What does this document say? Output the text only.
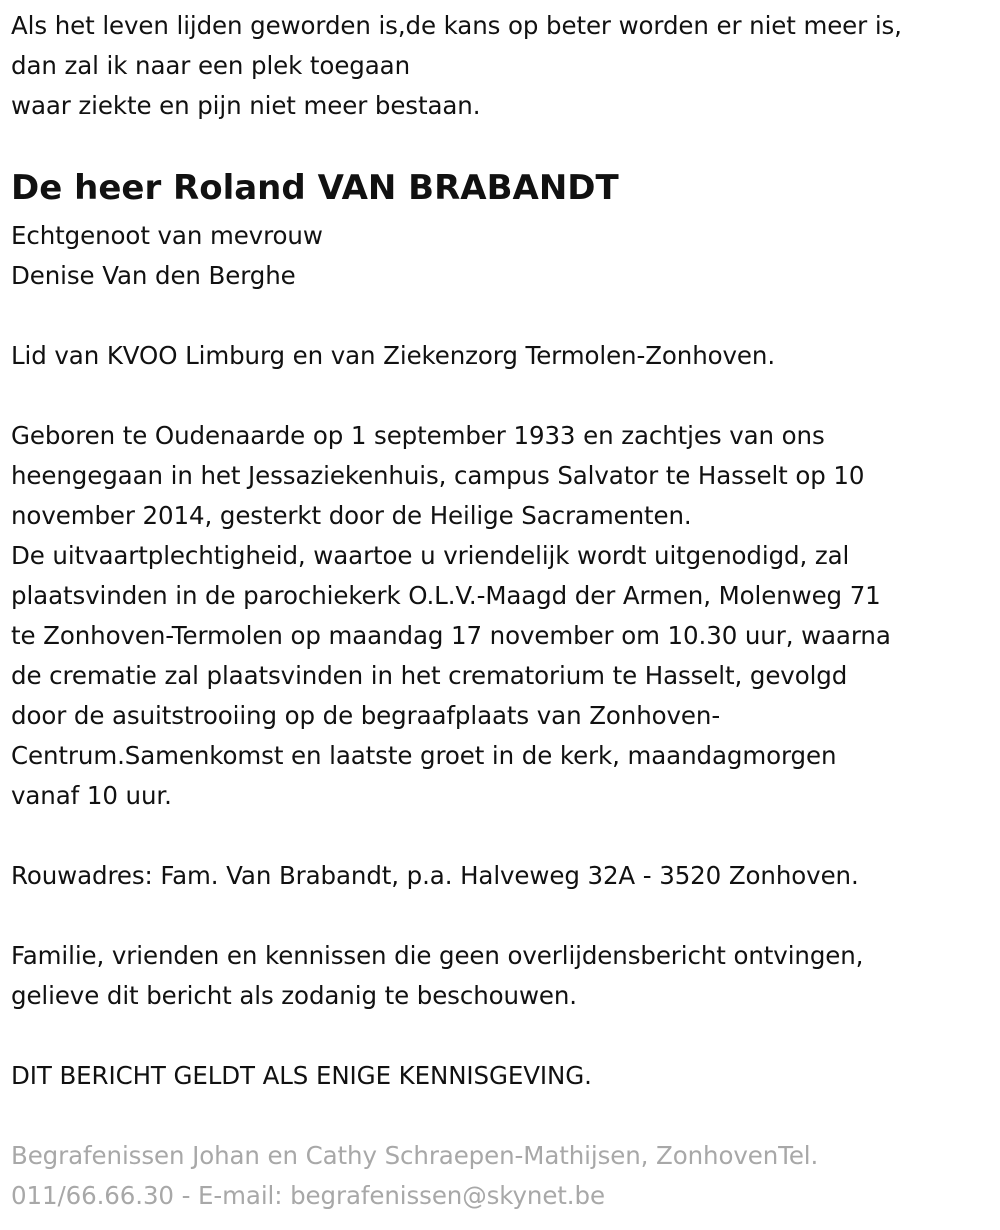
Als het leven lijden geworden is,de kans op beter worden er niet meer is,
dan zal ik naar een plek toegaan
waar ziekte en pijn niet meer bestaan.
De heer Roland VAN BRABANDT
Echtgenoot van mevrouw
Denise Van den Berghe
Lid van KVOO Limburg en van Ziekenzorg Termolen-Zonhoven.
Geboren te Oudenaarde op 1 september 1933 en zachtjes van ons
heengegaan in het Jessaziekenhuis, campus Salvator te Hasselt op 10
november 2014, gesterkt door de Heilige Sacramenten.
De uitvaartplechtigheid, waartoe u vriendelijk wordt uitgenodigd, zal
plaatsvinden in de parochiekerk O.L.V.-Maagd der Armen, Molenweg 71
te Zonhoven-Termolen op maandag 17 november om 10.30 uur, waarna
de crematie zal plaatsvinden in het crematorium te Hasselt, gevolgd
door de asuitstrooiing op de begraafplaats van Zonhoven-
Centrum.Samenkomst en laatste groet in de kerk, maandagmorgen
vanaf 10 uur.
Rouwadres: Fam. Van Brabandt, p.a. Halveweg 32A - 3520 Zonhoven.
Familie, vrienden en kennissen die geen overlijdensbericht ontvingen,
gelieve dit bericht als zodanig te beschouwen.
DIT BERICHT GELDT ALS ENIGE KENNISGEVING.
Begrafenissen Johan en Cathy Schraepen-Mathijsen, ZonhovenTel.
011/66.66.30 - E-mail: begrafenissen@skynet.be
